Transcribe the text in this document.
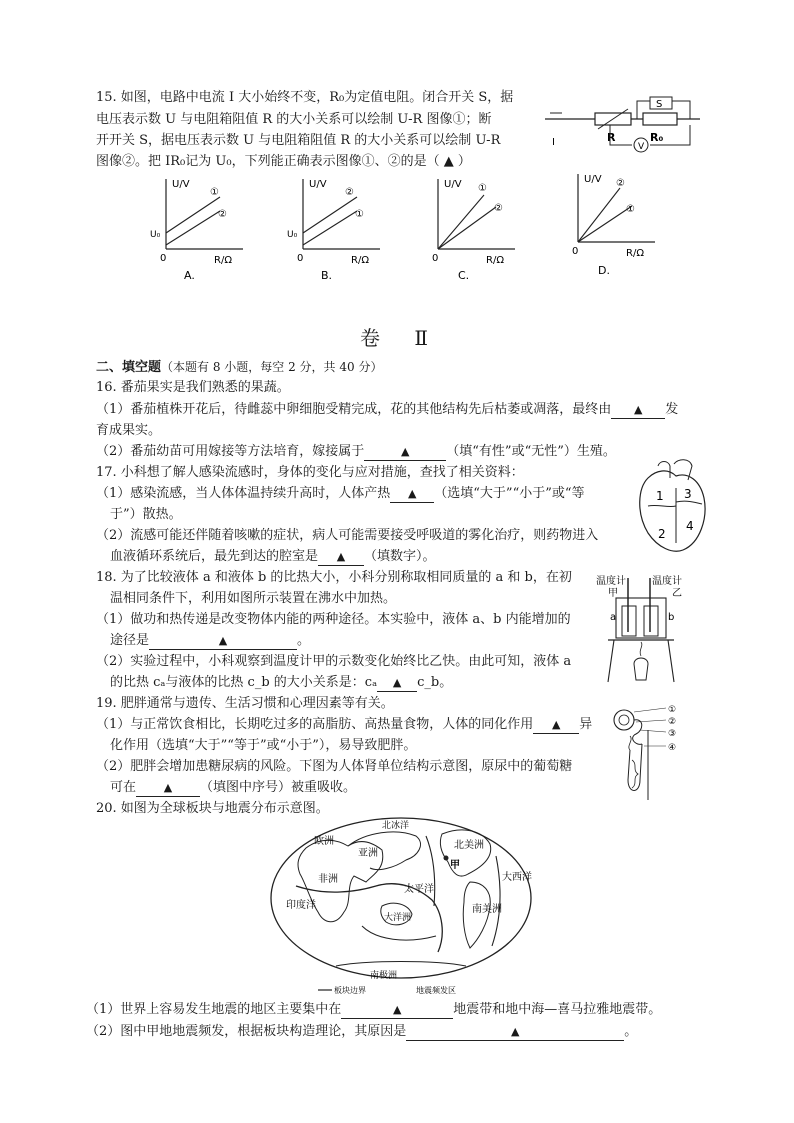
15. 如图，电路中电流 I 大小始终不变，R₀为定值电阻。闭合开关 S，据
电压表示数 U 与电阻箱阻值 R 的大小关系可以绘制 U-R 图像①；断
开开关 S，据电压表示数 U 与电阻箱阻值 R 的大小关系可以绘制 U-R
图像②。把 IR₀记为 U₀，下列能正确表示图像①、②的是（ ▲ ）
I	R	R₀
S
V
U/V
①
②
U₀
0	R/Ω
A.
U/V
②
①
U₀
0	R/Ω
B.
U/V ①
②
0	R/Ω
C.
U/V ②
①
0	R/Ω
D.
卷 Ⅱ
二、填空题（本题有 8 小题，每空 2 分，共 40 分）
16. 番茄果实是我们熟悉的果蔬。
（1）番茄植株开花后，待雌蕊中卵细胞受精完成，花的其他结构先后枯萎或凋落，最终由 ▲ 发
育成果实。
（2）番茄幼苗可用嫁接等方法培育，嫁接属于	▲	（填“有性”或“无性”）生殖。
17. 小科想了解人感染流感时，身体的变化与应对措施，查找了相关资料：
（1）感染流感，当人体体温持续升高时，人体产热 ▲ （选填“大于”“小于”或“等
于”）散热。
（2）流感可能还伴随着咳嗽的症状，病人可能需要接受呼吸道的雾化治疗，则药物进入
血液循环系统后，最先到达的腔室是 ▲ （填数字）。
1
2
3
4
18. 为了比较液体 a 和液体 b 的比热大小，小科分别称取相同质量的 a 和 b，在初
温相同条件下，利用如图所示装置在沸水中加热。
（1）做功和热传递是改变物体内能的两种途径。本实验中，液体 a、b 内能增加的
途径是	▲	。
（2）实验过程中，小科观察到温度计甲的示数变化始终比乙快。由此可知，液体 a
的比热 cₐ与液体的比热 c_b 的大小关系是：cₐ ▲ c_b。
温度计
甲
温度计
乙
a	b
19. 肥胖通常与遗传、生活习惯和心理因素等有关。
（1）与正常饮食相比，长期吃过多的高脂肪、高热量食物，人体的同化作用 ▲ 异
化作用（选填“大于”“等于”或“小于”），易导致肥胖。
（2）肥胖会增加患糖尿病的风险。下图为人体肾单位结构示意图，原尿中的葡萄糖
可在	▲ （填图中序号）被重吸收。
①
②
③
④
20. 如图为全球板块与地震分布示意图。
北冰洋
欧洲
亚洲
非洲
北美洲
南美洲
太平洋
大西洋
印度洋
大洋洲
南极洲
甲
板块边界	地震频发区
（1）世界上容易发生地震的地区主要集中在	▲	地震带和地中海—喜马拉雅地震带。
（2）图中甲地地震频发，根据板块构造理论，其原因是	▲	。
